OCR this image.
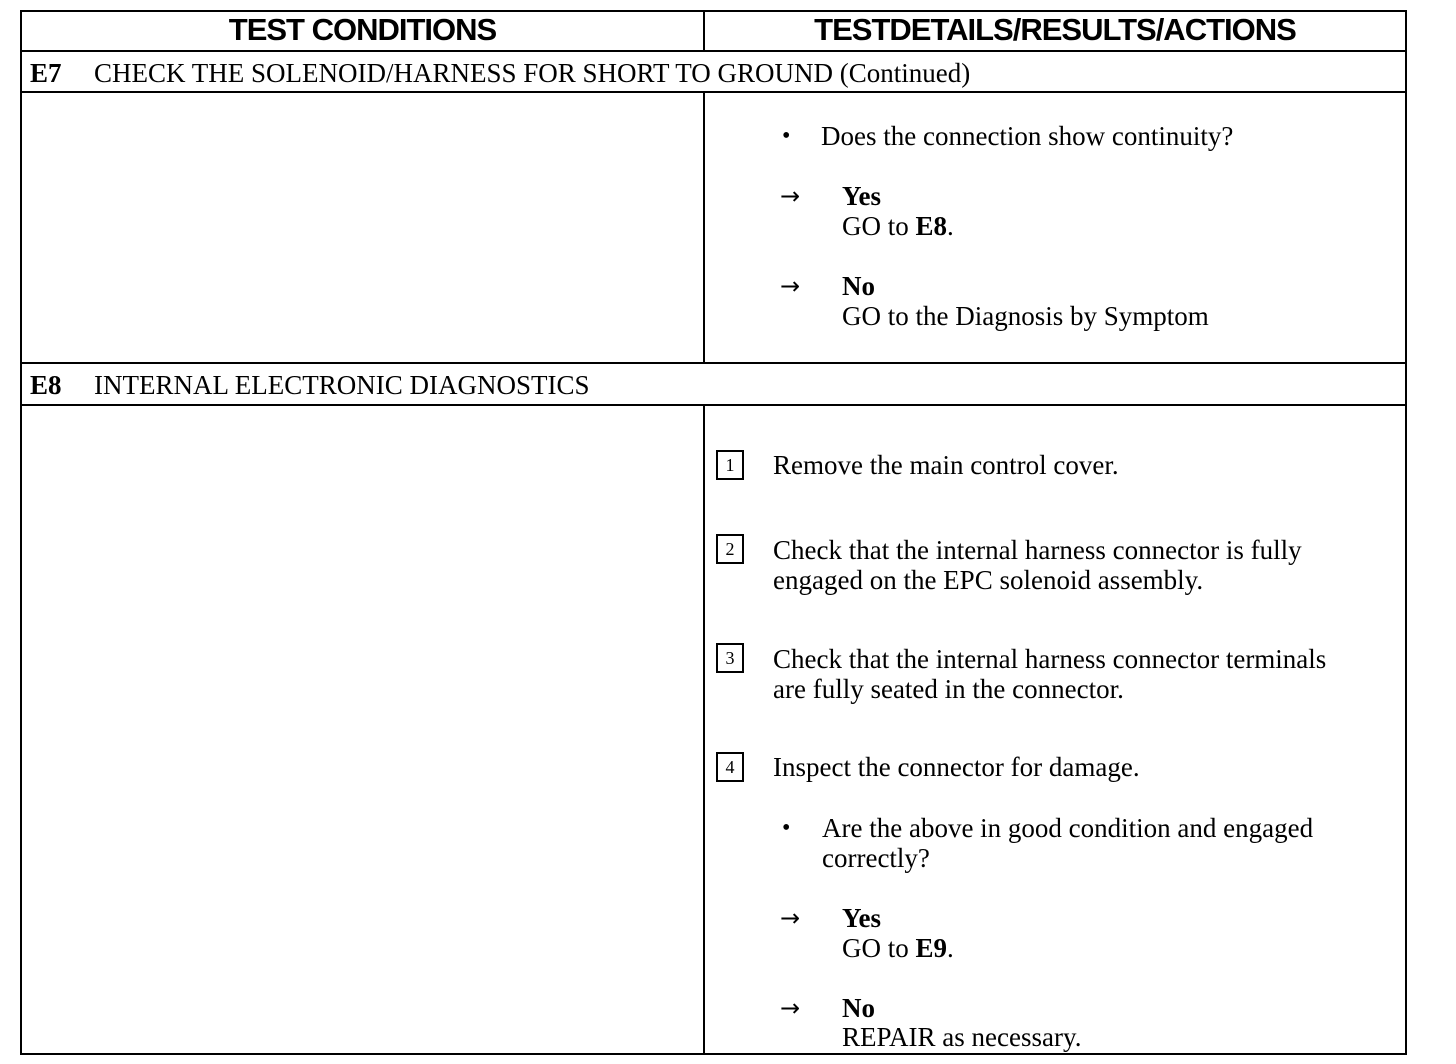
TEST CONDITIONS	TESTDETAILS/RESULTS/ACTIONS
E7 CHECK THE SOLENOID/HARNESS FOR SHORT TO GROUND (Continued)
• Does the connection show continuity?
→ Yes
GO to E8.
→ No
GO to the Diagnosis by Symptom
E8 INTERNAL ELECTRONIC DIAGNOSTICS
1	Remove the main control cover.
2	Check that the internal harness connector is fully
engaged on the EPC solenoid assembly.
3	Check that the internal harness connector terminals
are fully seated in the connector.
4	Inspect the connector for damage.
• Are the above in good condition and engaged
correctly?
→ Yes
GO to E9.
→ No
REPAIR as necessary.
